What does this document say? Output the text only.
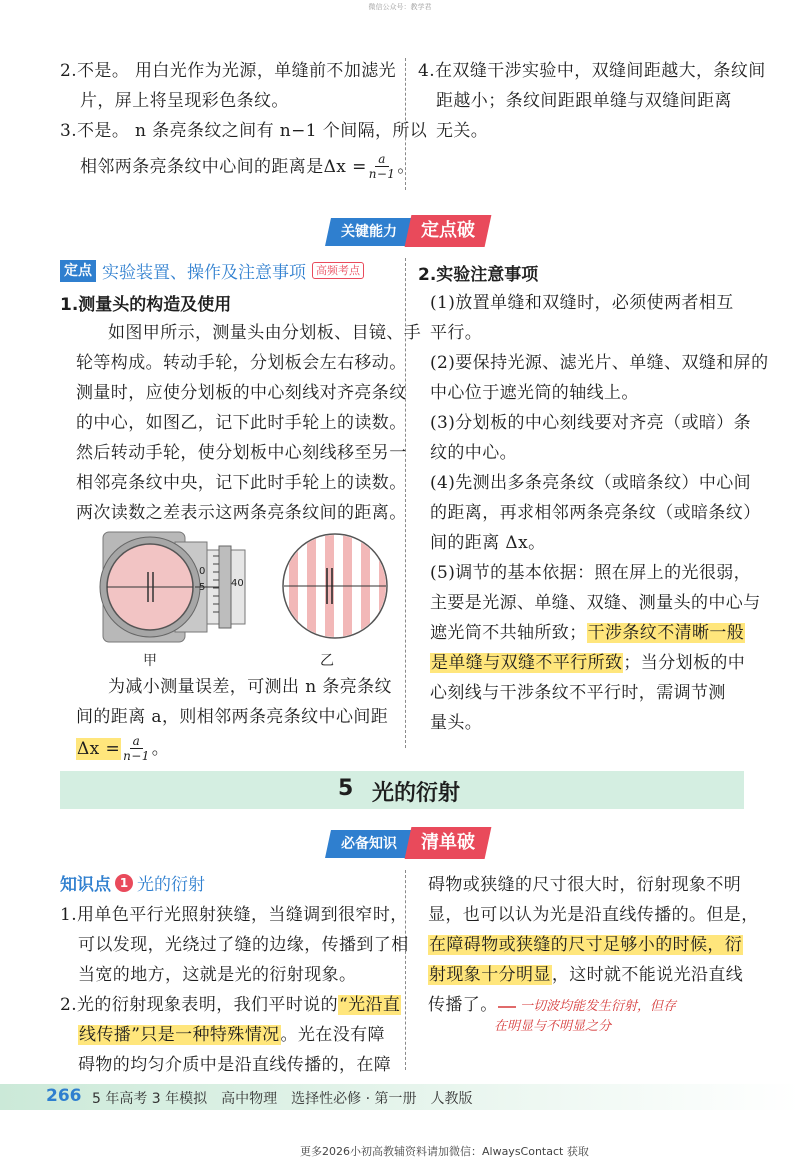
微信公众号：教学君
2.不是。 用白光作为光源，单缝前不加滤光
片，屏上将呈现彩色条纹。
3.不是。 n 条亮条纹之间有 n−1 个间隔，所以
相邻两条亮条纹中心间的距离是$\Delta x = \frac{a}{n-1}$ 。
4.在双缝干涉实验中，双缝间距越大，条纹间
距越小；条纹间距跟单缝与双缝间距离
无关。
关键能力	定点破
定点 实验装置、操作及注意事项 高频考点
1.测量头的构造及使用
如图甲所示，测量头由分划板、目镜、手
轮等构成。转动手轮，分划板会左右移动。
测量时，应使分划板的中心刻线对齐亮条纹
的中心，如图乙，记下此时手轮上的读数。
然后转动手轮，使分划板中心刻线移至另一
相邻亮条纹中央，记下此时手轮上的读数。
两次读数之差表示这两条亮条纹间的距离。
0
5	40
甲	乙
为减小测量误差，可测出 n 条亮条纹
间的距离 a，则相邻两条亮条纹中心间距
$\Delta x = \frac{a}{n-1}$ 。
2.实验注意事项
(1)放置单缝和双缝时，必须使两者相互
平行。
(2)要保持光源、滤光片、单缝、双缝和屏的
中心位于遮光筒的轴线上。
(3)分划板的中心刻线要对齐亮（或暗）条
纹的中心。
(4)先测出多条亮条纹（或暗条纹）中心间
的距离，再求相邻两条亮条纹（或暗条纹）
间的距离 Δx。
(5)调节的基本依据：照在屏上的光很弱，
主要是光源、单缝、双缝、测量头的中心与
遮光筒不共轴所致；干涉条纹不清晰一般
是单缝与双缝不平行所致；当分划板的中
心刻线与干涉条纹不平行时，需调节测
量头。
5 光的衍射
必备知识	清单破
知识点 1 光的衍射
1.用单色平行光照射狭缝，当缝调到很窄时，
可以发现，光绕过了缝的边缘，传播到了相
当宽的地方，这就是光的衍射现象。
2.光的衍射现象表明，我们平时说的“光沿直
线传播”只是一种特殊情况。光在没有障
碍物的均匀介质中是沿直线传播的，在障
碍物或狭缝的尺寸很大时，衍射现象不明
显，也可以认为光是沿直线传播的。但是，
在障碍物或狭缝的尺寸足够小的时候，衍
射现象十分明显，这时就不能说光沿直线
传播了。 一切波均能发生衍射，但存
在明显与不明显之分
266 5 年高考 3 年模拟　高中物理　选择性必修 · 第一册　人教版
更多2026小初高教辅资料请加微信：AlwaysContact 获取
